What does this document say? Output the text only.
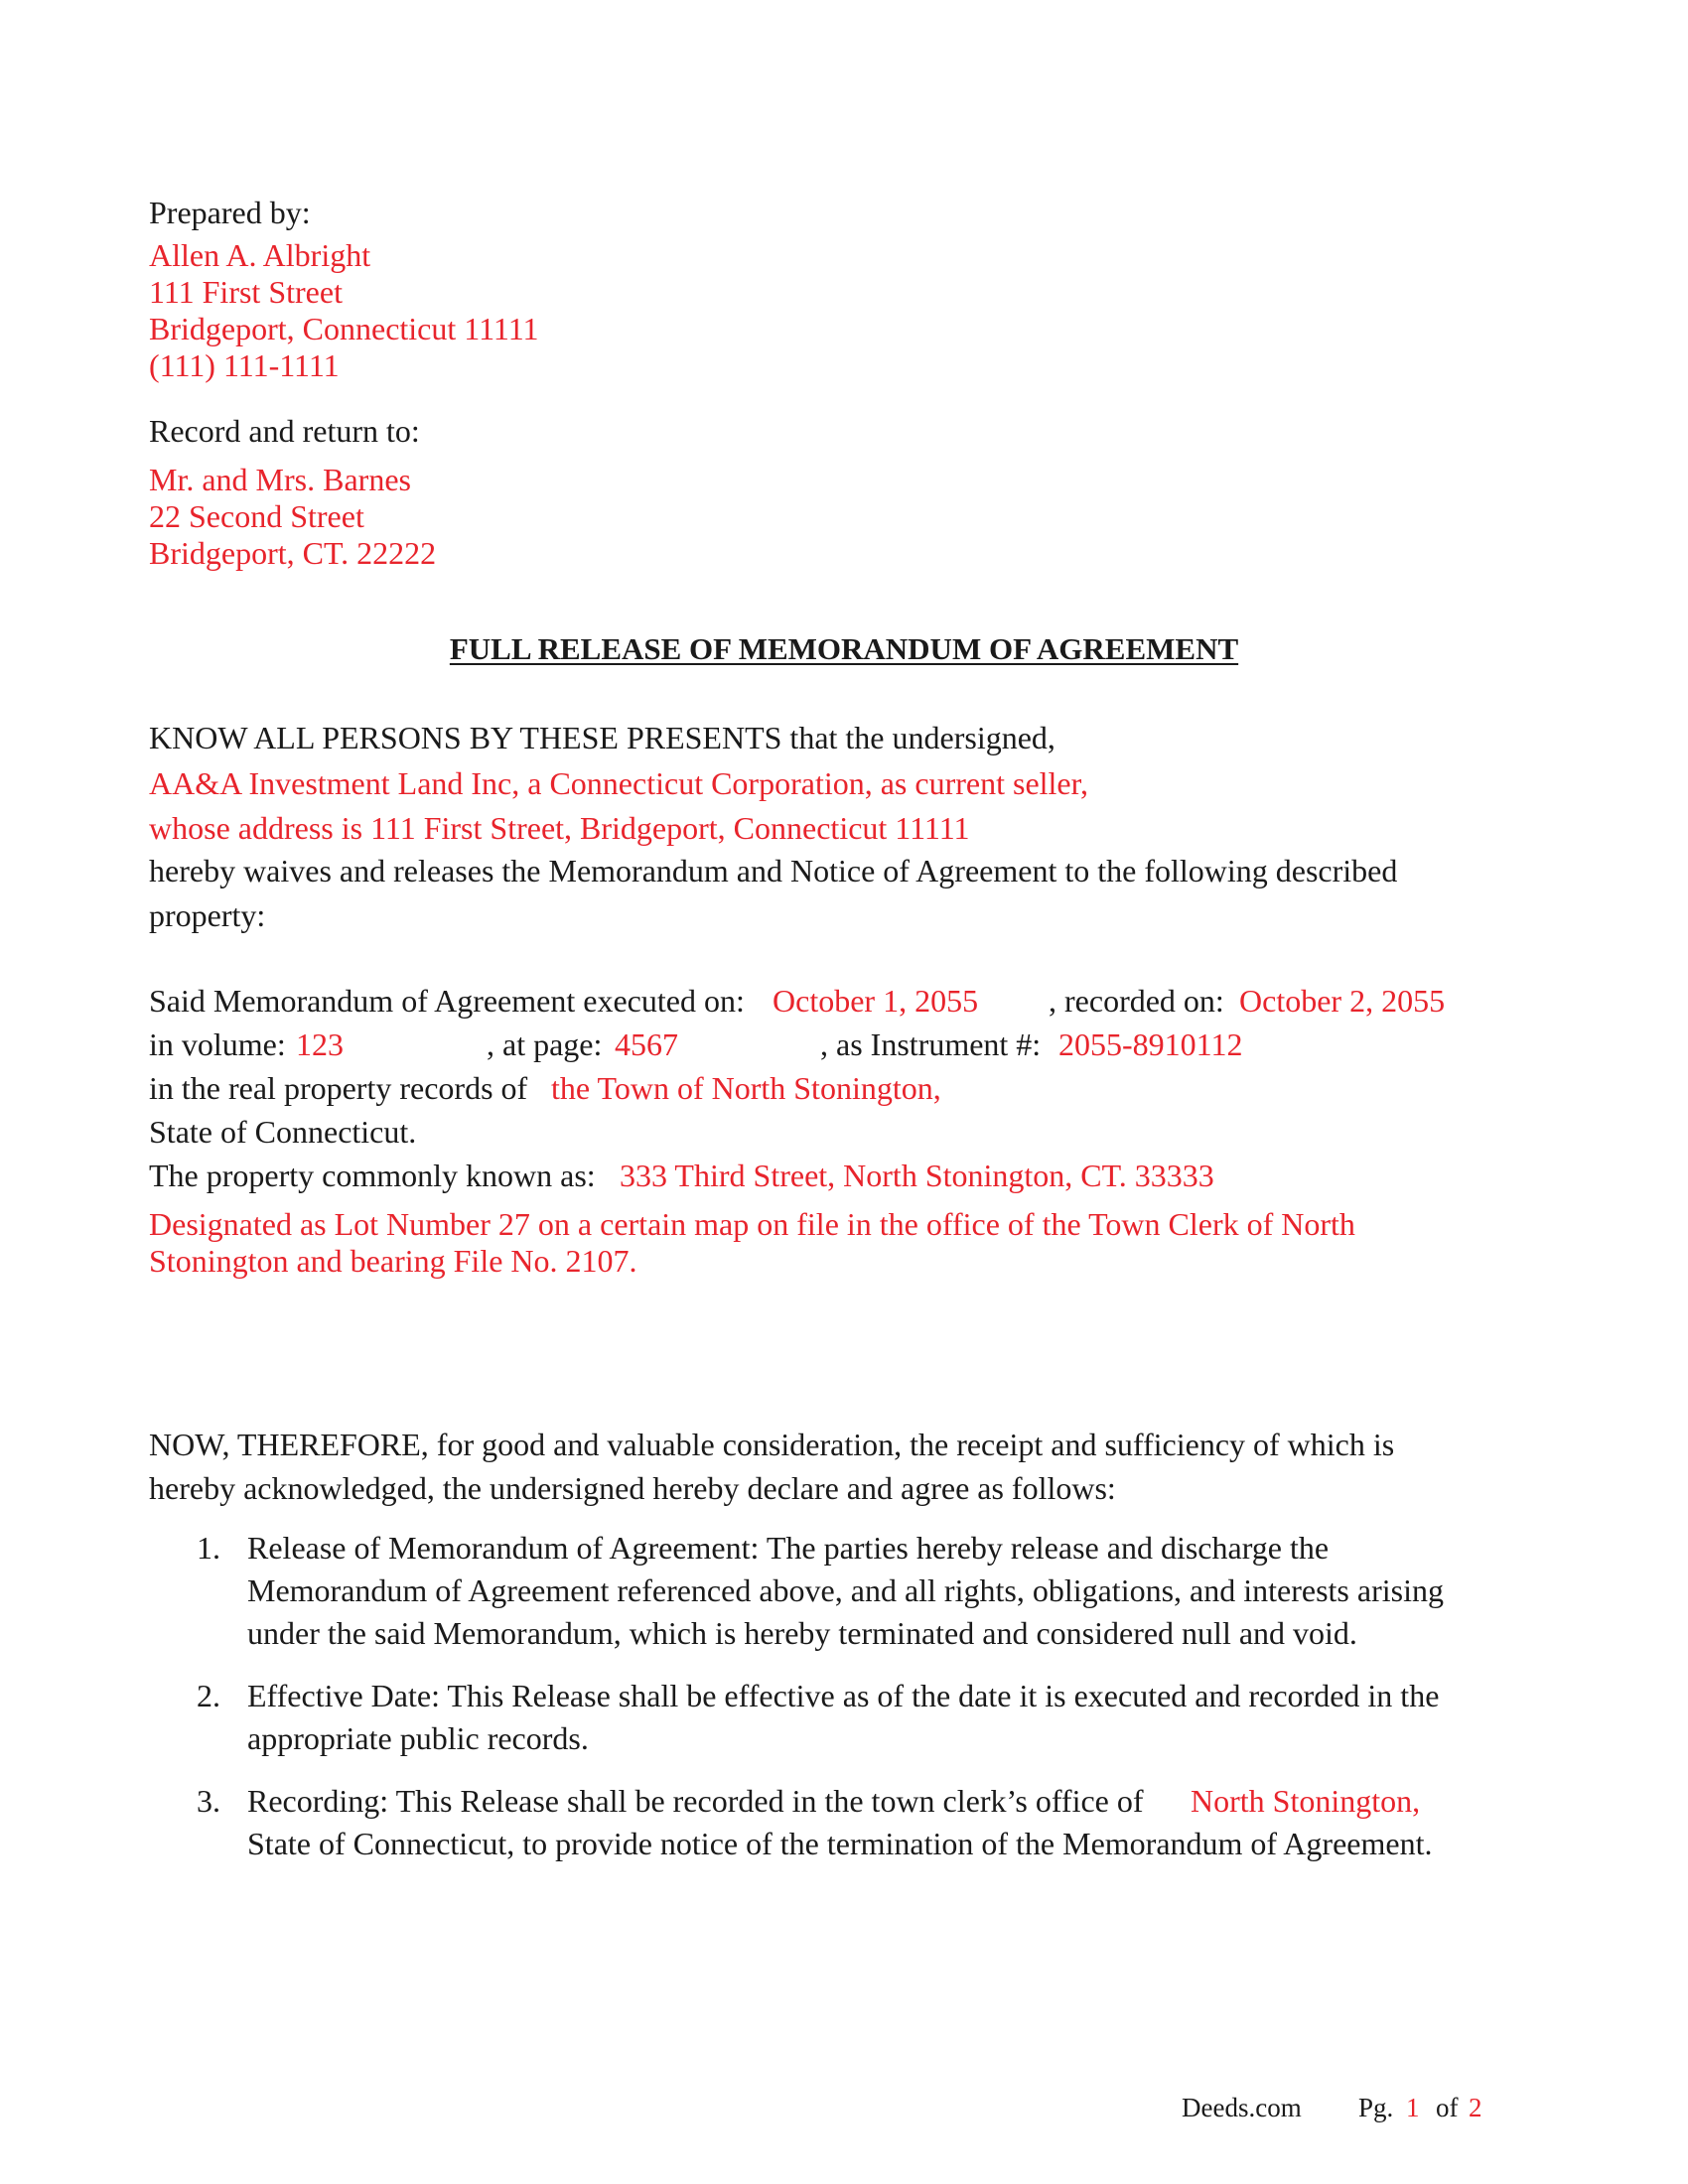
Prepared by:
Allen A. Albright
111 First Street
Bridgeport, Connecticut 11111
(111) 111-1111
Record and return to:
Mr. and Mrs. Barnes
22 Second Street
Bridgeport, CT. 22222
FULL RELEASE OF MEMORANDUM OF AGREEMENT
KNOW ALL PERSONS BY THESE PRESENTS that the undersigned,
AA&A Investment Land Inc, a Connecticut Corporation, as current seller,
whose address is 111 First Street, Bridgeport, Connecticut 11111
hereby waives and releases the Memorandum and Notice of Agreement to the following described
property:
Said Memorandum of Agreement executed on: October 1, 2055 , recorded on: October 2, 2055
in volume: 123	, at page: 4567	, as Instrument #: 2055-8910112
in the real property records of the Town of North Stonington,
State of Connecticut.
The property commonly known as: 333 Third Street, North Stonington, CT. 33333
Designated as Lot Number 27 on a certain map on file in the office of the Town Clerk of North
Stonington and bearing File No. 2107.
NOW, THEREFORE, for good and valuable consideration, the receipt and sufficiency of which is
hereby acknowledged, the undersigned hereby declare and agree as follows:
1. Release of Memorandum of Agreement: The parties hereby release and discharge the
Memorandum of Agreement referenced above, and all rights, obligations, and interests arising
under the said Memorandum, which is hereby terminated and considered null and void.
2. Effective Date: This Release shall be effective as of the date it is executed and recorded in the
appropriate public records.
3. Recording: This Release shall be recorded in the town clerk’s office of North Stonington,
State of Connecticut, to provide notice of the termination of the Memorandum of Agreement.
Deeds.com Pg. 1 of 2
